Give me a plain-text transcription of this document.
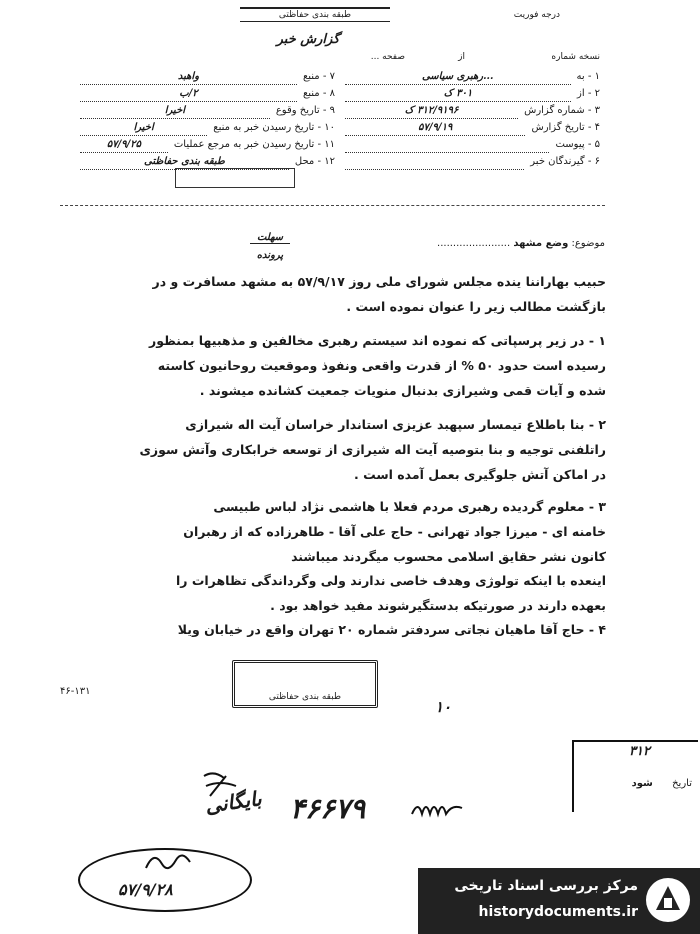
درجه فوریت
طبقه بندی حفاظتی
گزارش خبر
نسخه شماره
از
صفحه ...
۱ - به
...رهبری سیاسی
۲ - از
۳۰۱ ک
۳ - شماره گزارش
۳۱۲/۹۱۹۶ ک
۴ - تاریخ گزارش
۵۷/۹/۱۹
۵ - پیوست
۶ - گیرندگان خبر
۷ - منبع
واهبد
۸ - منبع
۲/ب
۹ - تاریخ وقوع
اخیرا
۱۰ - تاریخ رسیدن خبر به منبع
اخیرا
۱۱ - تاریخ رسیدن خبر به مرجع عملیات
۵۷/۹/۲۵
۱۲ - محل
طبقه بندی حفاظتی
موضوع: وضع مشهد .......................
سهلت
پرونده
حبیب بهاراننا ینده مجلس شورای ملی روز ۵۷/۹/۱۷ به مشهد مسافرت و در
بازگشت مطالب زیر را عنوان نموده است .
۱ - در زیر پرسپاتی که نموده اند سیستم رهبری مخالفین و مذهبیها بمنظور
رسیده است حدود ۵۰ % از قدرت واقعی ونفوذ وموقعیت روحانیون کاسته
شده و آیات قمی وشیرازی بدنبال منویات جمعیت کشانده میشوند .
۲ - بنا باطلاع تیمسار سپهبد عزیزی استاندار خراسان آیت اله شیرازی
راتلفنی توجیه و بنا بتوصیه آیت اله شیرازی از توسعه خرابکاری وآتش سوزی
در اماکن آتش جلوگیری بعمل آمده است .
۳ - معلوم گردیده رهبری مردم فعلا با هاشمی نژاد لباس طبیسی
خامنه ای - میرزا جواد تهرانی - حاج علی آقا - طاهرزاده که از رهبران
کانون نشر حقایق اسلامی محسوب میگردند میباشند
اینعده با اینکه تولوژی وهدف خاصی ندارند ولی وگرداندگی تظاهرات را
بعهده دارند در صورتیکه بدستگیرشوند مفید خواهد بود .
۴ - حاج آقا ماهیان نجاتی سردفتر شماره ۲۰ تهران واقع در خیابان ویلا
۴۶-۱۳۱	طبقه بندی حفاظتی
۱۰
۳۱۲
تاریخ شود
بایگانی ۴۶۶۷۹
۵۷/۹/۲۸	مرکز بررسی اسناد تاریخی
historydocuments.ir
